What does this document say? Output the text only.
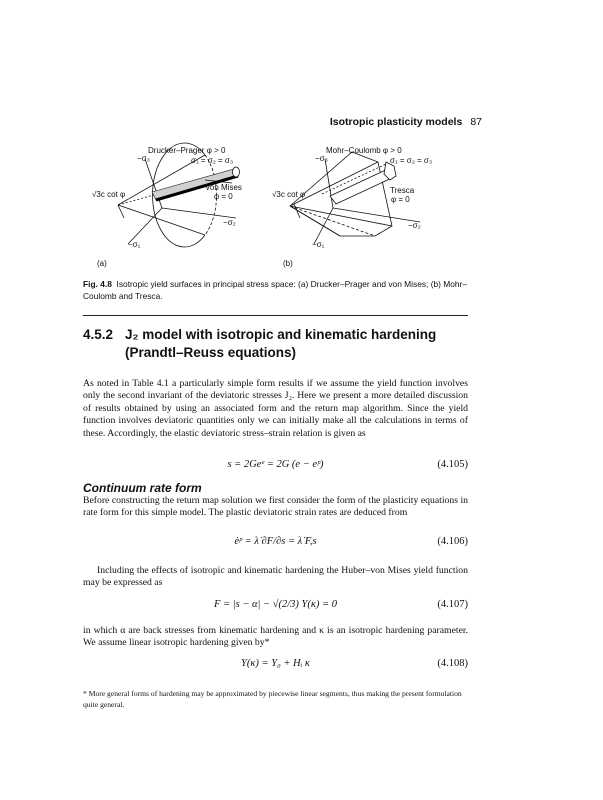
Isotropic plasticity models 87
Drucker–Prager φ > 0
−σ₃	σ₁ = σ₂ = σ₃
Von Mises
φ = 0
−σ₂
−σ₁
√3c cot φ
(a)
Mohr–Coulomb φ > 0
−σ₃	σ₁ = σ₂ = σ₃
Tresca
φ = 0
−σ₂
−σ₁
√3c cot φ
(b)
Fig. 4.8 Isotropic yield surfaces in principal stress space: (a) Drucker–Prager and von Mises; (b) Mohr–Coulomb and Tresca.
4.5.2 J₂ model with isotropic and kinematic hardening
(Prandtl–Reuss equations)
As noted in Table 4.1 a particularly simple form results if we assume the yield function involves only the second invariant of the deviatoric stresses J₂. Here we present a more detailed discussion of results obtained by using an associated form and the return map algorithm. Since the yield function involves deviatoric quantities only we can initially make all the calculations in terms of these. Accordingly, the elastic deviatoric stress–strain relation is given as
s = 2Geᵉ = 2G (e − eᵖ)	(4.105)
Continuum rate form
Before constructing the return map solution we first consider the form of the plasticity equations in rate form for this simple model. The plastic deviatoric strain rates are deduced from
ėᵖ = λ̇ ∂F/∂s = λ̇ F,s	(4.106)
Including the effects of isotropic and kinematic hardening the Huber–von Mises yield function may be expressed as
F = |s − α| − √(2/3) Y(κ) = 0	(4.107)
in which α are back stresses from kinematic hardening and κ is an isotropic hardening parameter. We assume linear isotropic hardening given by*
Y(κ) = Y₀ + Hᵢ κ	(4.108)
* More general forms of hardening may be approximated by piecewise linear segments, thus making the present formulation quite general.
